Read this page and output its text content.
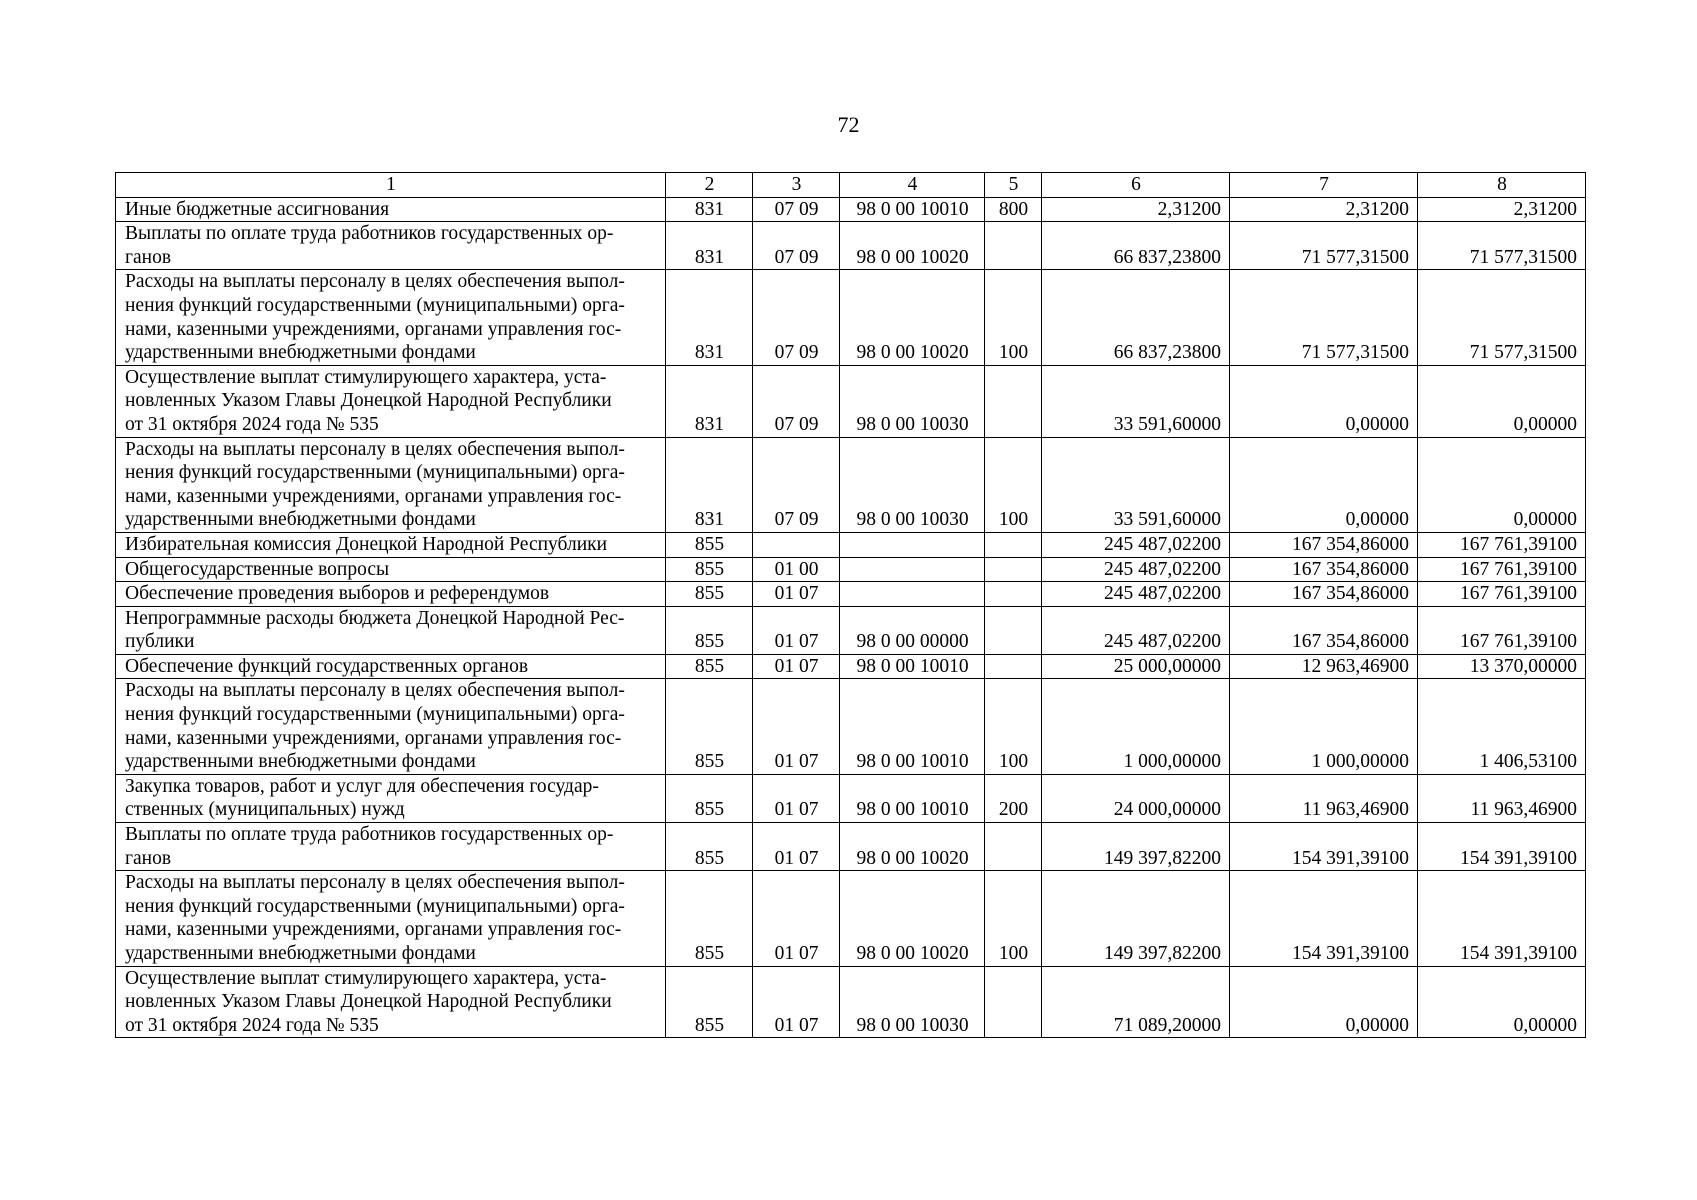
72
1	2	3	4	5	6	7	8
Иные бюджетные ассигнования	831	07 09	98 0 00 10010	800	2,31200	2,31200	2,31200
Выплаты по оплате труда работников государственных ор-
ганов	831	07 09	98 0 00 10020		66 837,23800	71 577,31500	71 577,31500
Расходы на выплаты персоналу в целях обеспечения выпол-
нения функций государственными (муниципальными) орга-
нами, казенными учреждениями, органами управления гос-
ударственными внебюджетными фондами	831	07 09	98 0 00 10020	100	66 837,23800	71 577,31500	71 577,31500
Осуществление выплат стимулирующего характера, уста-
новленных Указом Главы Донецкой Народной Республики
от 31 октября 2024 года № 535	831	07 09	98 0 00 10030		33 591,60000	0,00000	0,00000
Расходы на выплаты персоналу в целях обеспечения выпол-
нения функций государственными (муниципальными) орга-
нами, казенными учреждениями, органами управления гос-
ударственными внебюджетными фондами	831	07 09	98 0 00 10030	100	33 591,60000	0,00000	0,00000
Избирательная комиссия Донецкой Народной Республики	855				245 487,02200	167 354,86000	167 761,39100
Общегосударственные вопросы	855	01 00			245 487,02200	167 354,86000	167 761,39100
Обеспечение проведения выборов и референдумов	855	01 07			245 487,02200	167 354,86000	167 761,39100
Непрограммные расходы бюджета Донецкой Народной Рес-
публики	855	01 07	98 0 00 00000		245 487,02200	167 354,86000	167 761,39100
Обеспечение функций государственных органов	855	01 07	98 0 00 10010		25 000,00000	12 963,46900	13 370,00000
Расходы на выплаты персоналу в целях обеспечения выпол-
нения функций государственными (муниципальными) орга-
нами, казенными учреждениями, органами управления гос-
ударственными внебюджетными фондами	855	01 07	98 0 00 10010	100	1 000,00000	1 000,00000	1 406,53100
Закупка товаров, работ и услуг для обеспечения государ-
ственных (муниципальных) нужд	855	01 07	98 0 00 10010	200	24 000,00000	11 963,46900	11 963,46900
Выплаты по оплате труда работников государственных ор-
ганов	855	01 07	98 0 00 10020		149 397,82200	154 391,39100	154 391,39100
Расходы на выплаты персоналу в целях обеспечения выпол-
нения функций государственными (муниципальными) орга-
нами, казенными учреждениями, органами управления гос-
ударственными внебюджетными фондами	855	01 07	98 0 00 10020	100	149 397,82200	154 391,39100	154 391,39100
Осуществление выплат стимулирующего характера, уста-
новленных Указом Главы Донецкой Народной Республики
от 31 октября 2024 года № 535	855	01 07	98 0 00 10030		71 089,20000	0,00000	0,00000
